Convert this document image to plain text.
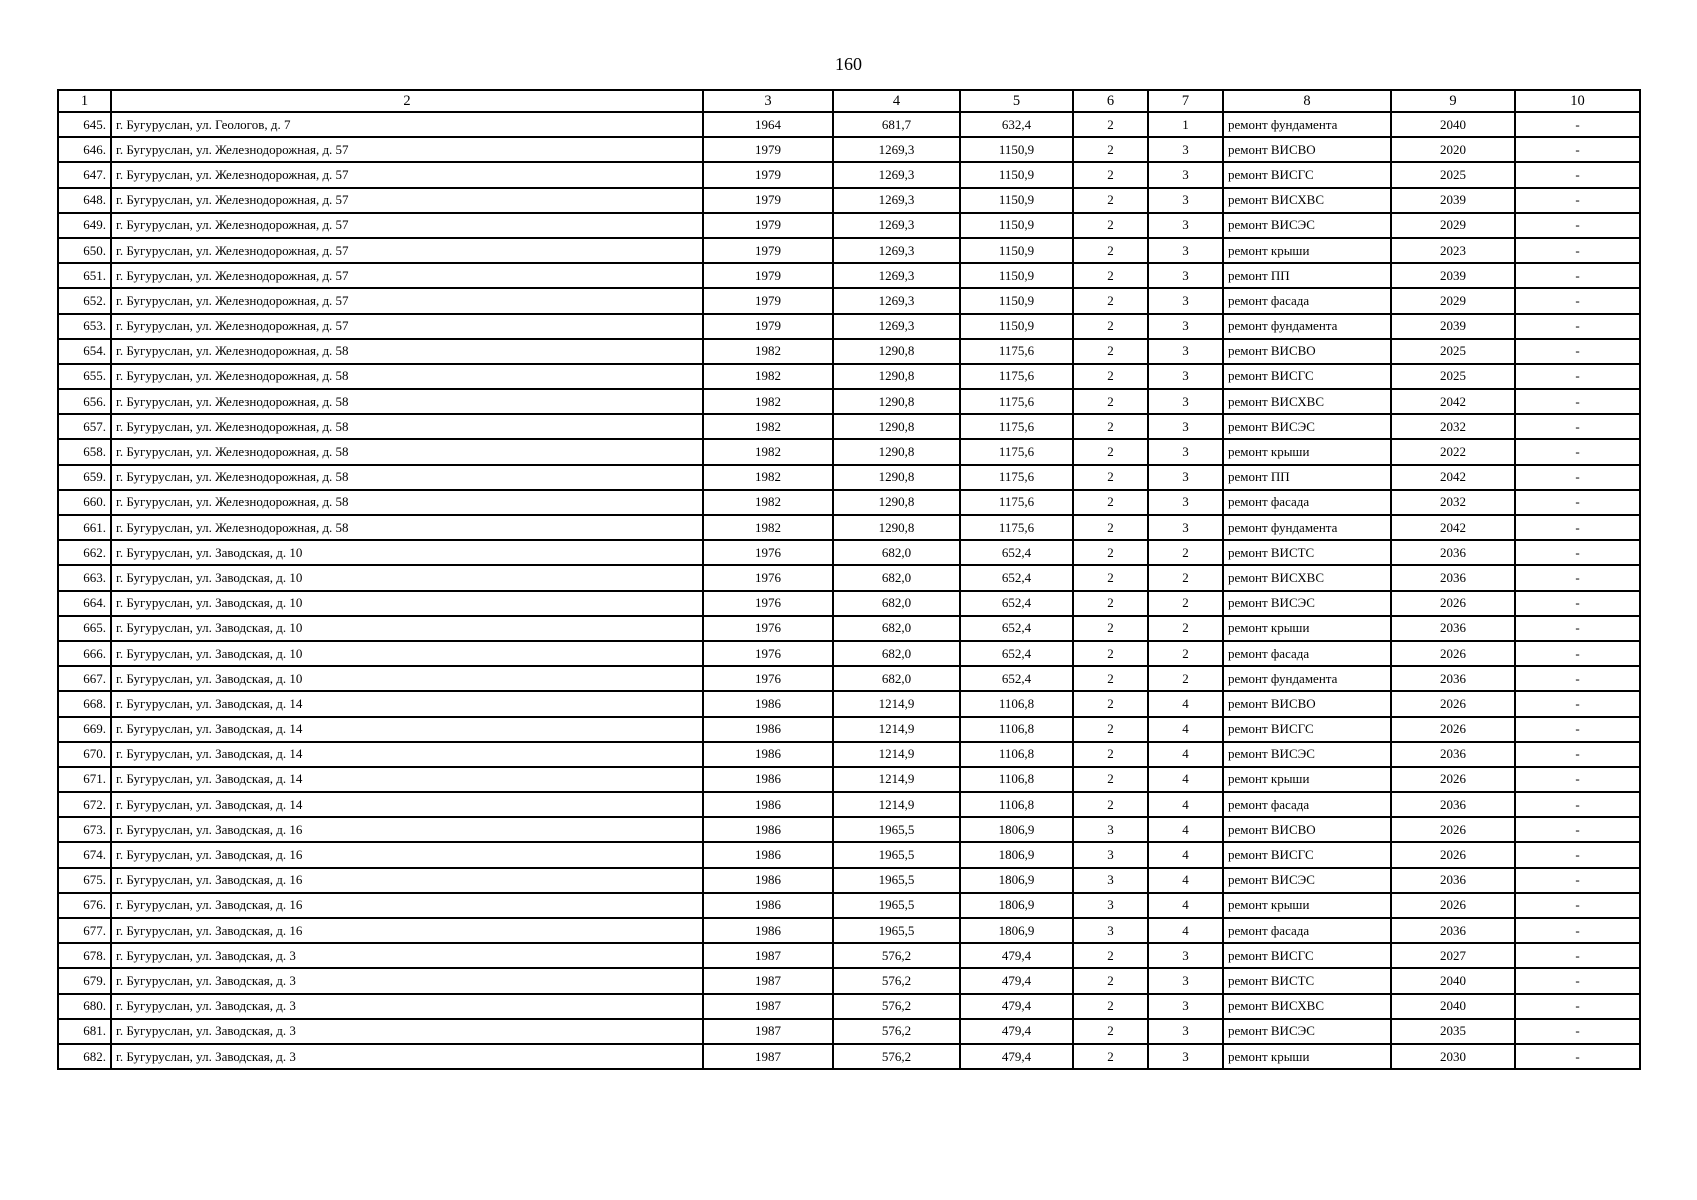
160
1	2	3	4	5	6	7	8	9	10
645.	г. Бугуруслан, ул. Геологов, д. 7	1964	681,7	632,4	2	1	ремонт фундамента	2040	-
646.	г. Бугуруслан, ул. Железнодорожная, д. 57	1979	1269,3	1150,9	2	3	ремонт ВИСВО	2020	-
647.	г. Бугуруслан, ул. Железнодорожная, д. 57	1979	1269,3	1150,9	2	3	ремонт ВИСГС	2025	-
648.	г. Бугуруслан, ул. Железнодорожная, д. 57	1979	1269,3	1150,9	2	3	ремонт ВИСХВС	2039	-
649.	г. Бугуруслан, ул. Железнодорожная, д. 57	1979	1269,3	1150,9	2	3	ремонт ВИСЭС	2029	-
650.	г. Бугуруслан, ул. Железнодорожная, д. 57	1979	1269,3	1150,9	2	3	ремонт крыши	2023	-
651.	г. Бугуруслан, ул. Железнодорожная, д. 57	1979	1269,3	1150,9	2	3	ремонт ПП	2039	-
652.	г. Бугуруслан, ул. Железнодорожная, д. 57	1979	1269,3	1150,9	2	3	ремонт фасада	2029	-
653.	г. Бугуруслан, ул. Железнодорожная, д. 57	1979	1269,3	1150,9	2	3	ремонт фундамента	2039	-
654.	г. Бугуруслан, ул. Железнодорожная, д. 58	1982	1290,8	1175,6	2	3	ремонт ВИСВО	2025	-
655.	г. Бугуруслан, ул. Железнодорожная, д. 58	1982	1290,8	1175,6	2	3	ремонт ВИСГС	2025	-
656.	г. Бугуруслан, ул. Железнодорожная, д. 58	1982	1290,8	1175,6	2	3	ремонт ВИСХВС	2042	-
657.	г. Бугуруслан, ул. Железнодорожная, д. 58	1982	1290,8	1175,6	2	3	ремонт ВИСЭС	2032	-
658.	г. Бугуруслан, ул. Железнодорожная, д. 58	1982	1290,8	1175,6	2	3	ремонт крыши	2022	-
659.	г. Бугуруслан, ул. Железнодорожная, д. 58	1982	1290,8	1175,6	2	3	ремонт ПП	2042	-
660.	г. Бугуруслан, ул. Железнодорожная, д. 58	1982	1290,8	1175,6	2	3	ремонт фасада	2032	-
661.	г. Бугуруслан, ул. Железнодорожная, д. 58	1982	1290,8	1175,6	2	3	ремонт фундамента	2042	-
662.	г. Бугуруслан, ул. Заводская, д. 10	1976	682,0	652,4	2	2	ремонт ВИСТС	2036	-
663.	г. Бугуруслан, ул. Заводская, д. 10	1976	682,0	652,4	2	2	ремонт ВИСХВС	2036	-
664.	г. Бугуруслан, ул. Заводская, д. 10	1976	682,0	652,4	2	2	ремонт ВИСЭС	2026	-
665.	г. Бугуруслан, ул. Заводская, д. 10	1976	682,0	652,4	2	2	ремонт крыши	2036	-
666.	г. Бугуруслан, ул. Заводская, д. 10	1976	682,0	652,4	2	2	ремонт фасада	2026	-
667.	г. Бугуруслан, ул. Заводская, д. 10	1976	682,0	652,4	2	2	ремонт фундамента	2036	-
668.	г. Бугуруслан, ул. Заводская, д. 14	1986	1214,9	1106,8	2	4	ремонт ВИСВО	2026	-
669.	г. Бугуруслан, ул. Заводская, д. 14	1986	1214,9	1106,8	2	4	ремонт ВИСГС	2026	-
670.	г. Бугуруслан, ул. Заводская, д. 14	1986	1214,9	1106,8	2	4	ремонт ВИСЭС	2036	-
671.	г. Бугуруслан, ул. Заводская, д. 14	1986	1214,9	1106,8	2	4	ремонт крыши	2026	-
672.	г. Бугуруслан, ул. Заводская, д. 14	1986	1214,9	1106,8	2	4	ремонт фасада	2036	-
673.	г. Бугуруслан, ул. Заводская, д. 16	1986	1965,5	1806,9	3	4	ремонт ВИСВО	2026	-
674.	г. Бугуруслан, ул. Заводская, д. 16	1986	1965,5	1806,9	3	4	ремонт ВИСГС	2026	-
675.	г. Бугуруслан, ул. Заводская, д. 16	1986	1965,5	1806,9	3	4	ремонт ВИСЭС	2036	-
676.	г. Бугуруслан, ул. Заводская, д. 16	1986	1965,5	1806,9	3	4	ремонт крыши	2026	-
677.	г. Бугуруслан, ул. Заводская, д. 16	1986	1965,5	1806,9	3	4	ремонт фасада	2036	-
678.	г. Бугуруслан, ул. Заводская, д. 3	1987	576,2	479,4	2	3	ремонт ВИСГС	2027	-
679.	г. Бугуруслан, ул. Заводская, д. 3	1987	576,2	479,4	2	3	ремонт ВИСТС	2040	-
680.	г. Бугуруслан, ул. Заводская, д. 3	1987	576,2	479,4	2	3	ремонт ВИСХВС	2040	-
681.	г. Бугуруслан, ул. Заводская, д. 3	1987	576,2	479,4	2	3	ремонт ВИСЭС	2035	-
682.	г. Бугуруслан, ул. Заводская, д. 3	1987	576,2	479,4	2	3	ремонт крыши	2030	-
